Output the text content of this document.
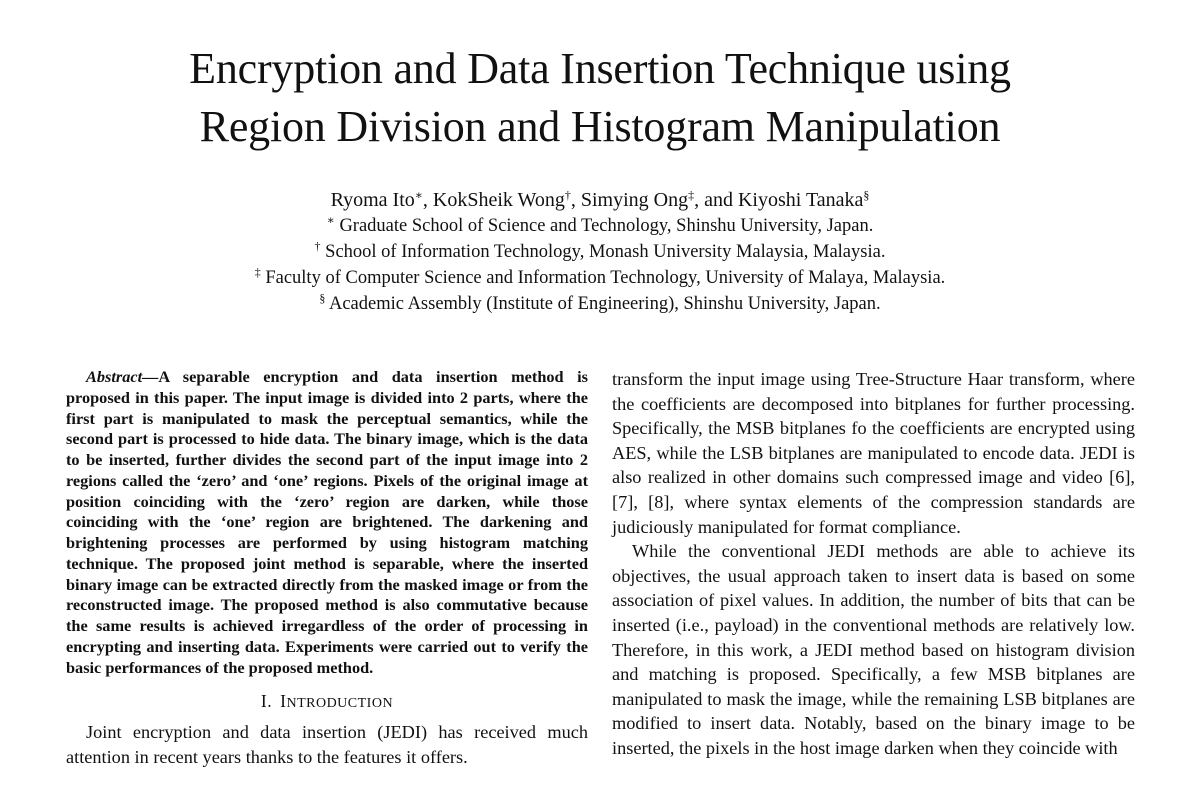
Encryption and Data Insertion Technique using
Region Division and Histogram Manipulation
Ryoma Ito∗, KokSheik Wong†, Simying Ong‡, and Kiyoshi Tanaka§
∗ Graduate School of Science and Technology, Shinshu University, Japan.
† School of Information Technology, Monash University Malaysia, Malaysia.
‡ Faculty of Computer Science and Information Technology, University of Malaya, Malaysia.
§ Academic Assembly (Institute of Engineering), Shinshu University, Japan.

Abstract—A separable encryption and data insertion method is proposed in this paper. The input image is divided into 2 parts, where the first part is manipulated to mask the perceptual semantics, while the second part is processed to hide data. The binary image, which is the data to be inserted, further divides the second part of the input image into 2 regions called the ‘zero’ and ‘one’ regions. Pixels of the original image at position coinciding with the ‘zero’ region are darken, while those coinciding with the ‘one’ region are brightened. The darkening and brightening processes are performed by using histogram matching technique. The proposed joint method is separable, where the inserted binary image can be extracted directly from the masked image or from the reconstructed image. The proposed method is also commutative because the same results is achieved irregardless of the order of processing in encrypting and inserting data. Experiments were carried out to verify the basic performances of the proposed method.

I. INTRODUCTION

Joint encryption and data insertion (JEDI) has received much attention in recent years thanks to the features it offers.

transform the input image using Tree-Structure Haar transform, where the coefficients are decomposed into bitplanes for further processing. Specifically, the MSB bitplanes fo the coefficients are encrypted using AES, while the LSB bitplanes are manipulated to encode data. JEDI is also realized in other domains such compressed image and video [6], [7], [8], where syntax elements of the compression standards are judiciously manipulated for format compliance.

While the conventional JEDI methods are able to achieve its objectives, the usual approach taken to insert data is based on some association of pixel values. In addition, the number of bits that can be inserted (i.e., payload) in the conventional methods are relatively low. Therefore, in this work, a JEDI method based on histogram division and matching is proposed. Specifically, a few MSB bitplanes are manipulated to mask the image, while the remaining LSB bitplanes are modified to insert data. Notably, based on the binary image to be inserted, the pixels in the host image darken when they coincide with
